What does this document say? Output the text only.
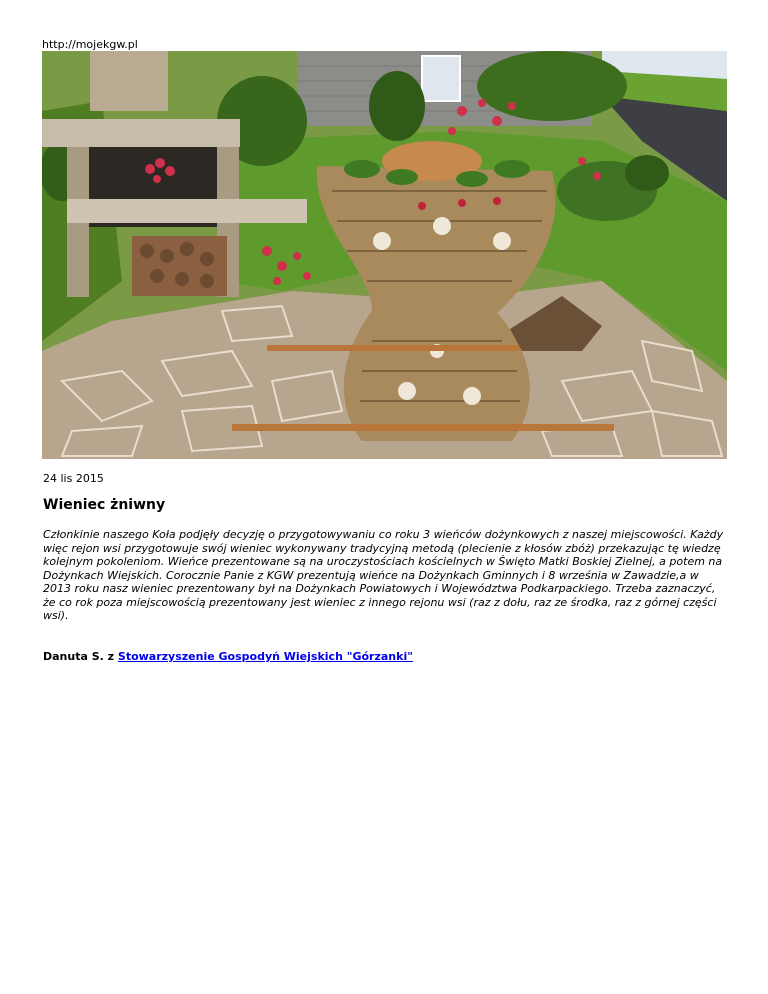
http://mojekgw.pl
24 lis 2015
Wieniec żniwny

Członkinie naszego Koła podjęły decyzję o przygotowywaniu co roku 3 wieńców dożynkowych z naszej miejscowości. Każdy więc rejon wsi przygotowuje swój wieniec wykonywany tradycyjną metodą (plecienie z kłosów zbóż) przekazując tę wiedzę kolejnym pokoleniom. Wieńce prezentowane są na uroczystościach kościelnych w Święto Matki Boskiej Zielnej, a potem na Dożynkach Wiejskich. Corocznie Panie z KGW prezentują wieńce na Dożynkach Gminnych i 8 września w Zawadzie,a w 2013 roku nasz wieniec prezentowany był na Dożynkach Powiatowych i Województwa Podkarpackiego. Trzeba zaznaczyć, że co rok poza miejscowością prezentowany jest wieniec z innego rejonu wsi (raz z dołu, raz ze środka, raz z górnej części wsi).

Danuta S. z Stowarzyszenie Gospodyń Wiejskich "Górzanki"
